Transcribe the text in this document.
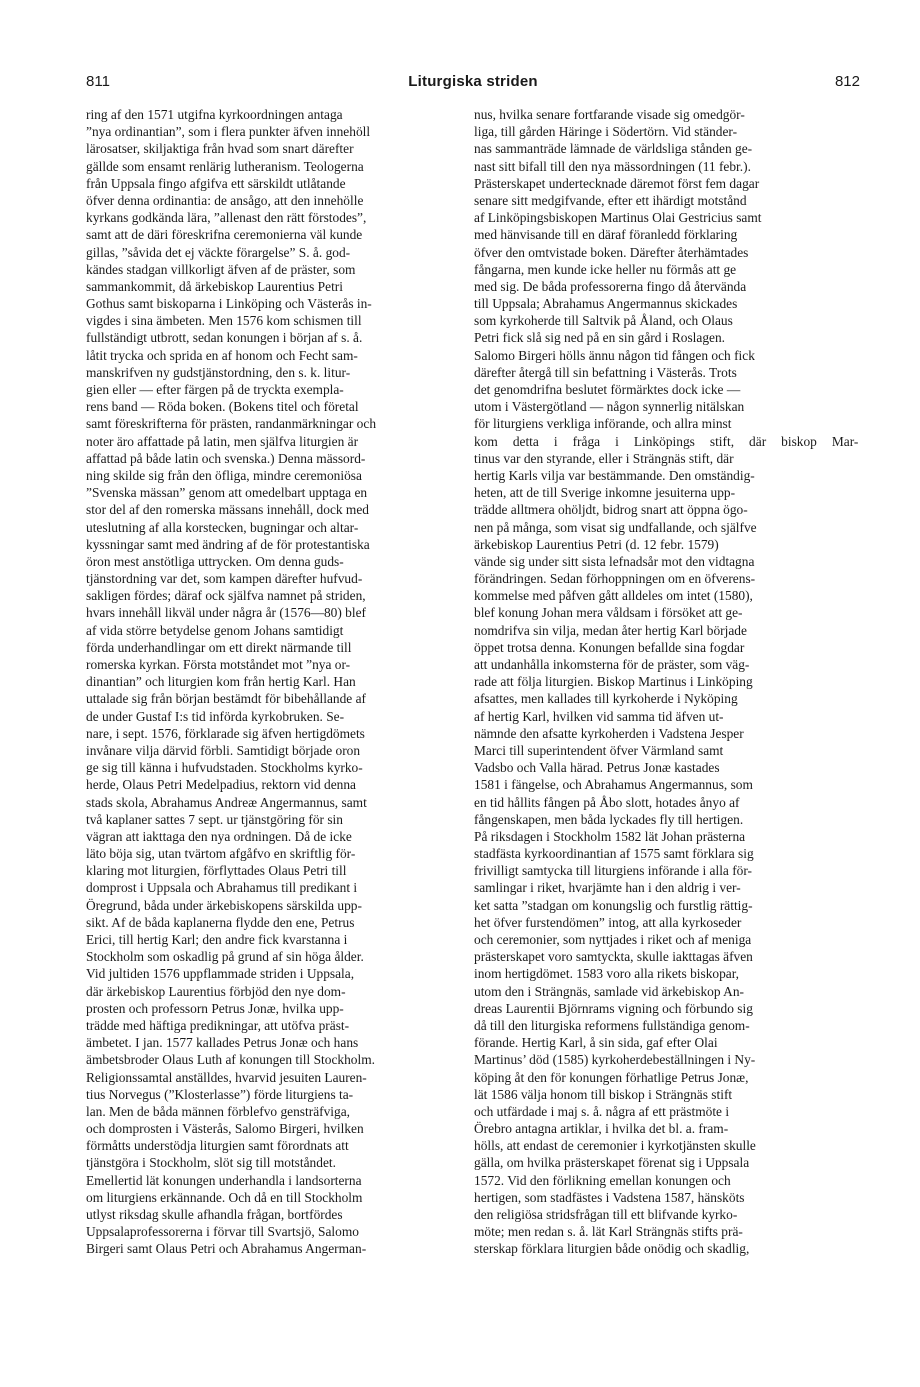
811	Liturgiska striden	812
ring af den 1571 utgifna kyrkoordningen antaga
”nya ordinantian”, som i flera punkter äfven innehöll
lärosatser, skiljaktiga från hvad som snart därefter
gällde som ensamt renlärig lutheranism. Teologerna
från Uppsala fingo afgifva ett särskildt utlåtande
öfver denna ordinantia: de ansågo, att den innehölle
kyrkans godkända lära, ”allenast den rätt förstodes”,
samt att de däri föreskrifna ceremonierna väl kunde
gillas, ”såvida det ej väckte förargelse” S. å. god-
kändes stadgan villkorligt äfven af de präster, som
sammankommit, då ärkebiskop Laurentius Petri
Gothus samt biskoparna i Linköping och Västerås in-
vigdes i sina ämbeten. Men 1576 kom schismen till
fullständigt utbrott, sedan konungen i början af s. å.
låtit trycka och sprida en af honom och Fecht sam-
manskrifven ny gudstjänstordning, den s. k. litur-
gien eller — efter färgen på de tryckta exempla-
rens band — Röda boken. (Bokens titel och företal
samt föreskrifterna för prästen, randanmärkningar och
noter äro affattade på latin, men själfva liturgien är
affattad på både latin och svenska.) Denna mässord-
ning skilde sig från den öfliga, mindre ceremoniösa
”Svenska mässan” genom att omedelbart upptaga en
stor del af den romerska mässans innehåll, dock med
uteslutning af alla korstecken, bugningar och altar-
kyssningar samt med ändring af de för protestantiska
öron mest anstötliga uttrycken. Om denna guds-
tjänstordning var det, som kampen därefter hufvud-
sakligen fördes; däraf ock själfva namnet på striden,
hvars innehåll likväl under några år (1576—80) blef
af vida större betydelse genom Johans samtidigt
förda underhandlingar om ett direkt närmande till
romerska kyrkan. Första motståndet mot ”nya or-
dinantian” och liturgien kom från hertig Karl. Han
uttalade sig från början bestämdt för bibehållande af
de under Gustaf I:s tid införda kyrkobruken. Se-
nare, i sept. 1576, förklarade sig äfven hertigdömets
invånare vilja därvid förbli. Samtidigt började oron
ge sig till känna i hufvudstaden. Stockholms kyrko-
herde, Olaus Petri Medelpadius, rektorn vid denna
stads skola, Abrahamus Andreæ Angermannus, samt
två kaplaner sattes 7 sept. ur tjänstgöring för sin
vägran att iakttaga den nya ordningen. Då de icke
läto böja sig, utan tvärtom afgåfvo en skriftlig för-
klaring mot liturgien, förflyttades Olaus Petri till
domprost i Uppsala och Abrahamus till predikant i
Öregrund, båda under ärkebiskopens särskilda upp-
sikt. Af de båda kaplanerna flydde den ene, Petrus
Erici, till hertig Karl; den andre fick kvarstanna i
Stockholm som oskadlig på grund af sin höga ålder.
Vid jultiden 1576 uppflammade striden i Uppsala,
där ärkebiskop Laurentius förbjöd den nye dom-
prosten och professorn Petrus Jonæ, hvilka upp-
trädde med häftiga predikningar, att utöfva präst-
ämbetet. I jan. 1577 kallades Petrus Jonæ och hans
ämbetsbroder Olaus Luth af konungen till Stockholm.
Religionssamtal anställdes, hvarvid jesuiten Lauren-
tius Norvegus (”Klosterlasse”) förde liturgiens ta-
lan. Men de båda männen förblefvo gensträfviga,
och domprosten i Västerås, Salomo Birgeri, hvilken
förmåtts understödja liturgien samt förordnats att
tjänstgöra i Stockholm, slöt sig till motståndet.
Emellertid lät konungen underhandla i landsorterna
om liturgiens erkännande. Och då en till Stockholm
utlyst riksdag skulle afhandla frågan, bortfördes
Uppsalaprofessorerna i förvar till Svartsjö, Salomo
Birgeri samt Olaus Petri och Abrahamus Angerman-
nus, hvilka senare fortfarande visade sig omedgör-
liga, till gården Häringe i Södertörn. Vid ständer-
nas sammanträde lämnade de världsliga stånden ge-
nast sitt bifall till den nya mässordningen (11 febr.).
Prästerskapet undertecknade däremot först fem dagar
senare sitt medgifvande, efter ett ihärdigt motstånd
af Linköpingsbiskopen Martinus Olai Gestricius samt
med hänvisande till en däraf föranledd förklaring
öfver den omtvistade boken. Därefter återhämtades
fångarna, men kunde icke heller nu förmås att ge
med sig. De båda professorerna fingo då återvända
till Uppsala; Abrahamus Angermannus skickades
som kyrkoherde till Saltvik på Åland, och Olaus
Petri fick slå sig ned på en sin gård i Roslagen.
Salomo Birgeri hölls ännu någon tid fången och fick
därefter återgå till sin befattning i Västerås. Trots
det genomdrifna beslutet förmärktes dock icke —
utom i Västergötland — någon synnerlig nitälskan
för liturgiens verkliga införande, och allra minst
kom detta i fråga i Linköpings stift, där biskop Mar-
tinus var den styrande, eller i Strängnäs stift, där
hertig Karls vilja var bestämmande. Den omständig-
heten, att de till Sverige inkomne jesuiterna upp-
trädde alltmera ohöljdt, bidrog snart att öppna ögo-
nen på många, som visat sig undfallande, och själfve
ärkebiskop Laurentius Petri (d. 12 febr. 1579)
vände sig under sitt sista lefnadsår mot den vidtagna
förändringen. Sedan förhoppningen om en öfverens-
kommelse med påfven gått alldeles om intet (1580),
blef konung Johan mera våldsam i försöket att ge-
nomdrifva sin vilja, medan åter hertig Karl började
öppet trotsa denna. Konungen befallde sina fogdar
att undanhålla inkomsterna för de präster, som väg-
rade att följa liturgien. Biskop Martinus i Linköping
afsattes, men kallades till kyrkoherde i Nyköping
af hertig Karl, hvilken vid samma tid äfven ut-
nämnde den afsatte kyrkoherden i Vadstena Jesper
Marci till superintendent öfver Värmland samt
Vadsbo och Valla härad. Petrus Jonæ kastades
1581 i fängelse, och Abrahamus Angermannus, som
en tid hållits fången på Åbo slott, hotades ånyo af
fångenskapen, men båda lyckades fly till hertigen.
På riksdagen i Stockholm 1582 lät Johan prästerna
stadfästa kyrkoordinantian af 1575 samt förklara sig
frivilligt samtycka till liturgiens införande i alla för-
samlingar i riket, hvarjämte han i den aldrig i ver-
ket satta ”stadgan om konungslig och furstlig rättig-
het öfver furstendömen” intog, att alla kyrkoseder
och ceremonier, som nyttjades i riket och af meniga
prästerskapet voro samtyckta, skulle iakttagas äfven
inom hertigdömet. 1583 voro alla rikets biskopar,
utom den i Strängnäs, samlade vid ärkebiskop An-
dreas Laurentii Björnrams vigning och förbundo sig
då till den liturgiska reformens fullständiga genom-
förande. Hertig Karl, å sin sida, gaf efter Olai
Martinus’ död (1585) kyrkoherdebeställningen i Ny-
köping åt den för konungen förhatlige Petrus Jonæ,
lät 1586 välja honom till biskop i Strängnäs stift
och utfärdade i maj s. å. några af ett prästmöte i
Örebro antagna artiklar, i hvilka det bl. a. fram-
hölls, att endast de ceremonier i kyrkotjänsten skulle
gälla, om hvilka prästerskapet förenat sig i Uppsala
1572. Vid den förlikning emellan konungen och
hertigen, som stadfästes i Vadstena 1587, hänsköts
den religiösa stridsfrågan till ett blifvande kyrko-
möte; men redan s. å. lät Karl Strängnäs stifts prä-
sterskap förklara liturgien både onödig och skadlig,
